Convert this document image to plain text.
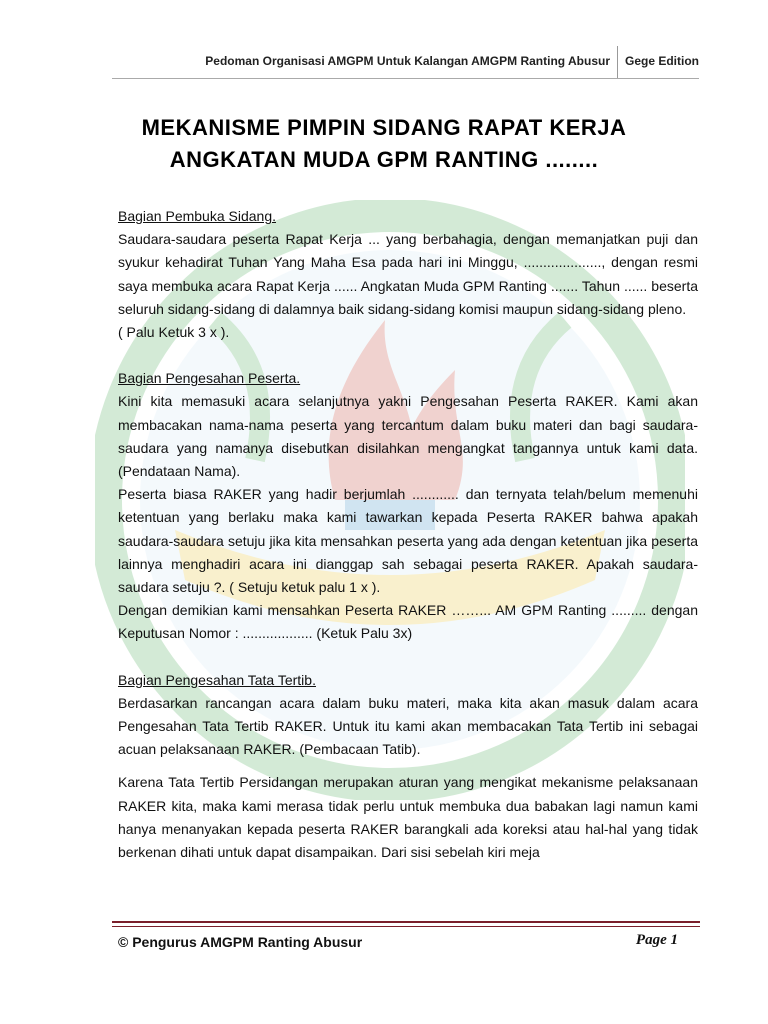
Pedoman Organisasi AMGPM Untuk Kalangan AMGPM Ranting Abusur Gege Edition
MEKANISME PIMPIN SIDANG RAPAT KERJA
ANGKATAN MUDA GPM RANTING ........

Bagian Pembuka Sidang.

Saudara-saudara peserta Rapat Kerja ... yang berbahagia, dengan memanjatkan puji dan syukur kehadirat Tuhan Yang Maha Esa pada hari ini Minggu, ...................., dengan resmi saya membuka acara Rapat Kerja ...... Angkatan Muda GPM Ranting ....... Tahun ...... beserta seluruh sidang-sidang di dalamnya baik sidang-sidang komisi maupun sidang-sidang pleno.

( Palu Ketuk 3 x ).

Bagian Pengesahan Peserta.

Kini kita memasuki acara selanjutnya yakni Pengesahan Peserta RAKER. Kami akan membacakan nama-nama peserta yang tercantum dalam buku materi dan bagi saudara-saudara yang namanya disebutkan disilahkan mengangkat tangannya untuk kami data. (Pendataan Nama).

Peserta biasa RAKER yang hadir berjumlah ............ dan ternyata telah/belum memenuhi ketentuan yang berlaku maka kami tawarkan kepada Peserta RAKER bahwa apakah saudara-saudara setuju jika kita mensahkan peserta yang ada dengan ketentuan jika peserta lainnya menghadiri acara ini dianggap sah sebagai peserta RAKER. Apakah saudara-saudara setuju ?. ( Setuju ketuk palu 1 x ).

Dengan demikian kami mensahkan Peserta RAKER ……... AM GPM Ranting ......... dengan Keputusan Nomor : .................. (Ketuk Palu 3x)

Bagian Pengesahan Tata Tertib.

Berdasarkan rancangan acara dalam buku materi, maka kita akan masuk dalam acara Pengesahan Tata Tertib RAKER. Untuk itu kami akan membacakan Tata Tertib ini sebagai acuan pelaksanaan RAKER. (Pembacaan Tatib).

Karena Tata Tertib Persidangan merupakan aturan yang mengikat mekanisme pelaksanaan RAKER kita, maka kami merasa tidak perlu untuk membuka dua babakan lagi namun kami hanya menanyakan kepada peserta RAKER barangkali ada koreksi atau hal-hal yang tidak berkenan dihati untuk dapat disampaikan. Dari sisi sebelah kiri meja

© Pengurus AMGPM Ranting Abusur	Page 1
